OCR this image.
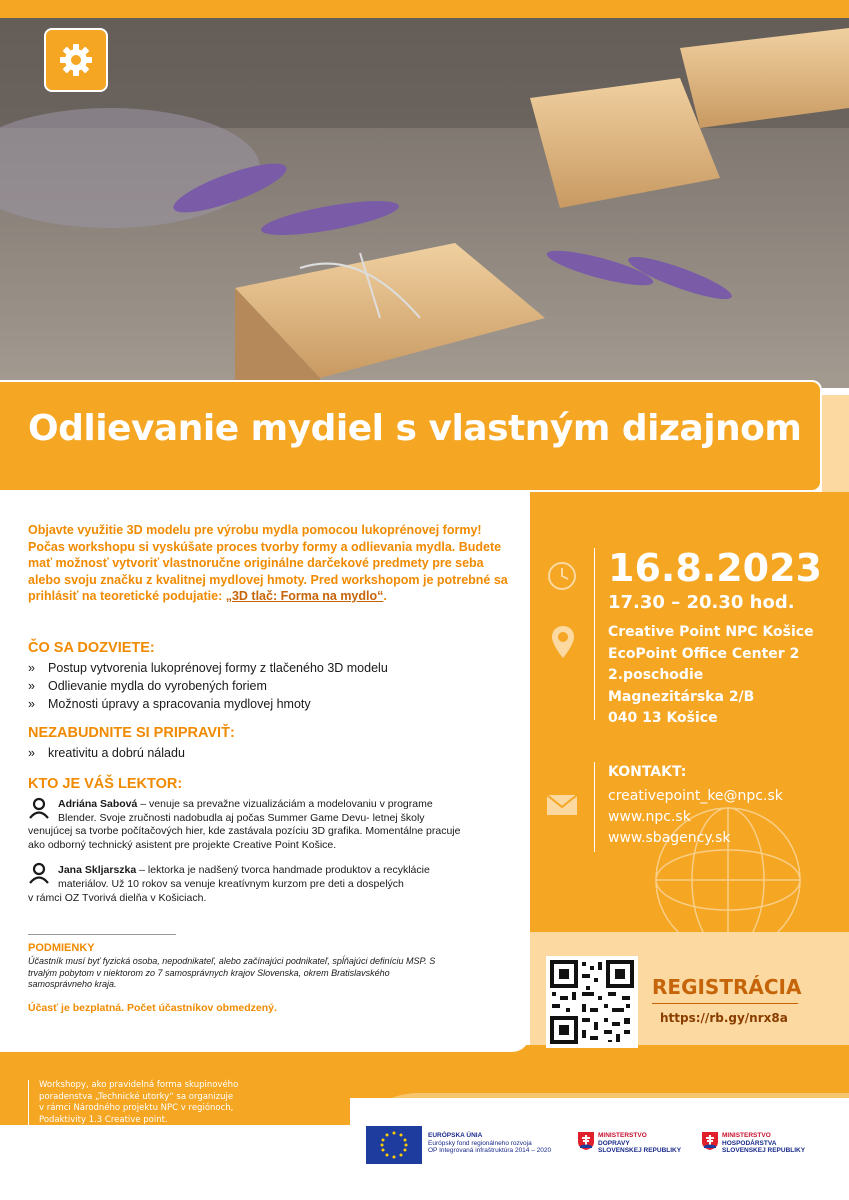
Odlievanie mydiel s vlastným dizajnom
Objavte využitie 3D modelu pre výrobu mydla pomocou lukoprénovej formy! Počas workshopu si vyskúšate proces tvorby formy a odlievania mydla. Budete mať možnosť vytvoriť vlastnoručne originálne darčekové predmety pre seba alebo svoju značku z kvalitnej mydlovej hmoty. Pred workshopom je potrebné sa prihlásiť na teoretické podujatie: „3D tlač: Forma na mydlo“.
ČO SA DOZVIETE:
» Postup vytvorenia lukoprénovej formy z tlačeného 3D modelu
» Odlievanie mydla do vyrobených foriem
» Možnosti úpravy a spracovania mydlovej hmoty
NEZABUDNITE SI PRIPRAVIŤ:
» kreativitu a dobrú náladu
KTO JE VÁŠ LEKTOR:
Adriána Sabová – venuje sa prevažne vizualizáciám a modelovaniu v programe
Blender. Svoje zručnosti nadobudla aj počas Summer Game Devu- letnej školy
venujúcej sa tvorbe počítačových hier, kde zastávala pozíciu 3D grafika. Momentálne pracuje
ako odborný technický asistent pre projekte Creative Point Košice.
Jana Skljarszka – lektorka je nadšený tvorca handmade produktov a recyklácie
materiálov. Už 10 rokov sa venuje kreatívnym kurzom pre deti a dospelých
v rámci OZ Tvorivá dielňa v Košiciach.
PODMIENKY
Účastník musí byť fyzická osoba, nepodnikateľ, alebo začínajúci podnikateľ, spĺňajúci definíciu MSP. S trvalým pobytom v niektorom zo 7 samosprávnych krajov Slovenska, okrem Bratislavského samosprávneho kraja.
Účasť je bezplatná. Počet účastníkov obmedzený.
16.8.2023
17.30 – 20.30 hod.
Creative Point NPC Košice
EcoPoint Office Center 2
2.poschodie
Magnezitárska 2/B
040 13 Košice
KONTAKT:
creativepoint_ke@npc.sk
www.npc.sk
www.sbagency.sk
REGISTRÁCIA
https://rb.gy/nrx8a
Workshopy, ako pravidelná forma skupinového
poradenstva „Technické utorky“ sa organizuje
v rámci Národného projektu NPC v regiónoch,
Podaktivity 1.3 Creative point.
Kód projektu ITMS2014+: 313031I870.	EURÓPSKA ÚNIA
Európsky fond regionálneho rozvoja
OP Integrovaná infraštruktúra 2014 – 2020
MINISTERSTVO
DOPRAVY
SLOVENSKEJ REPUBLIKY
MINISTERSTVO
HOSPODÁRSTVA
SLOVENSKEJ REPUBLIKY
